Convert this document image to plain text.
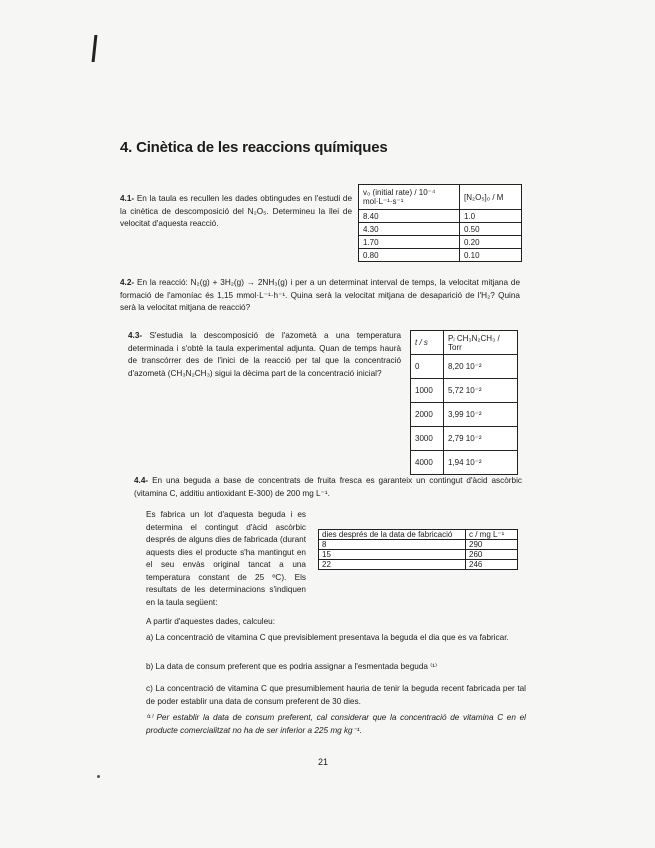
4. Cinètica de les reaccions químiques
4.1- En la taula es recullen les dades obtingudes en l'estudi de la cinètica de descomposició del N₂O₅. Determineu la llei de velocitat d'aquesta reacció.
v₀ (initial rate) / 10⁻⁴ mol·L⁻¹·s⁻¹	[N₂O₅]₀ / M
8.40	1.0
4.30	0.50
1.70	0.20
0.80	0.10
4.2- En la reacció: N₂(g) + 3H₂(g) → 2NH₃(g) i per a un determinat interval de temps, la velocitat mitjana de formació de l'amoníac és 1,15 mmol·L⁻¹·h⁻¹. Quina serà la velocitat mitjana de desaparició de l'H₂? Quina serà la velocitat mitjana de reacció?
4.3- S'estudia la descomposició de l'azometà a una temperatura determinada i s'obtè la taula experimental adjunta. Quan de temps haurà de transcórrer des de l'inici de la reacció per tal que la concentració d'azometà (CH₃N₂CH₃) sigui la dècima part de la concentració inicial?
t / s	Pᵢ CH₃N₂CH₃ / Torr
0	8,20 10⁻²
1000	5,72 10⁻²
2000	3,99 10⁻²
3000	2,79 10⁻²
4000	1,94 10⁻²
4.4- En una beguda a base de concentrats de fruita fresca es garanteix un contingut d'àcid ascòrbic (vitamina C, additiu antioxidant E-300) de 200 mg L⁻¹.
Es fabrica un lot d'aquesta beguda i es determina el contingut d'àcid ascòrbic després de alguns dies de fabricada (durant aquests dies el producte s'ha mantingut en el seu envàs original tancat a una temperatura constant de 25 ºC). Els resultats de les determinacions s'indiquen en la taula següent:
dies després de la data de fabricació	c / mg L⁻¹
8	290
15	260
22	246
A partir d'aquestes dades, calculeu:
a) La concentració de vitamina C que previsiblement presentava la beguda el dia que es va fabricar.
b) La data de consum preferent que es podria assignar a l'esmentada beguda ⁽¹⁾
c) La concentració de vitamina C que presumiblement hauria de tenir la beguda recent fabricada per tal de poder establir una data de consum preferent de 30 dies.
⁽¹⁾ Per establir la data de consum preferent, cal considerar que la concentració de vitamina C en el producte comercialitzat no ha de ser inferior a 225 mg kg⁻¹.
21
